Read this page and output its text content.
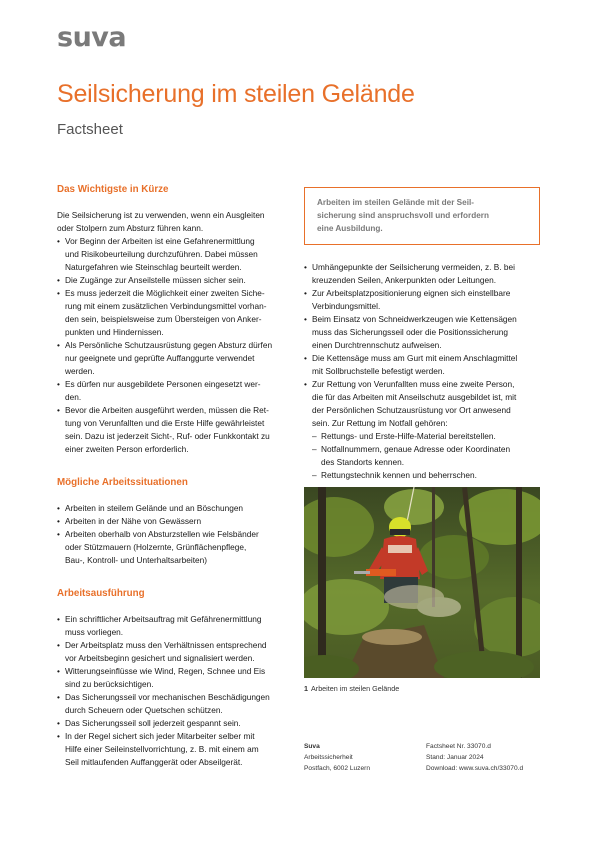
suva
Seilsicherung im steilen Gelände
Factsheet
Das Wichtigste in Kürze

Die Seilsicherung ist zu verwenden, wenn ein Ausgleiten
oder Stolpern zum Absturz führen kann.

• Vor Beginn der Arbeiten ist eine Gefahrenermittlung
und Risikobeurteilung durchzuführen. Dabei müssen
Naturgefahren wie Steinschlag beurteilt werden.
• Die Zugänge zur Anseilstelle müssen sicher sein.
• Es muss jederzeit die Möglichkeit einer zweiten Siche-
rung mit einem zusätzlichen Verbindungsmittel vorhan-
den sein, beispielsweise zum Übersteigen von Anker-
punkten und Hindernissen.
• Als Persönliche Schutzausrüstung gegen Absturz dürfen
nur geeignete und geprüfte Auffanggurte verwendet
werden.
• Es dürfen nur ausgebildete Personen eingesetzt wer-
den.
• Bevor die Arbeiten ausgeführt werden, müssen die Ret-
tung von Verunfallten und die Erste Hilfe gewährleistet
sein. Dazu ist jederzeit Sicht-, Ruf- oder Funkkontakt zu
einer zweiten Person erforderlich.
Mögliche Arbeitssituationen
• Arbeiten in steilem Gelände und an Böschungen
• Arbeiten in der Nähe von Gewässern
• Arbeiten oberhalb von Absturzstellen wie Felsbänder
oder Stützmauern (Holzernte, Grünflächenpflege,
Bau-, Kontroll- und Unterhaltsarbeiten)
Arbeitsausführung
• Ein schriftlicher Arbeitsauftrag mit Gefährenermittlung
muss vorliegen.
• Der Arbeitsplatz muss den Verhältnissen entsprechend
vor Arbeitsbeginn gesichert und signalisiert werden.
• Witterungseinflüsse wie Wind, Regen, Schnee und Eis
sind zu berücksichtigen.
• Das Sicherungsseil vor mechanischen Beschädigungen
durch Scheuern oder Quetschen schützen.
• Das Sicherungsseil soll jederzeit gespannt sein.
• In der Regel sichert sich jeder Mitarbeiter selber mit
Hilfe einer Seileinstellvorrichtung, z. B. mit einem am
Seil mitlaufenden Auffanggerät oder Abseilgerät.
Arbeiten im steilen Gelände mit der Seil-
sicherung sind anspruchsvoll und erfordern
eine Ausbildung.
• Umhängepunkte der Seilsicherung vermeiden, z. B. bei
kreuzenden Seilen, Ankerpunkten oder Leitungen.
• Zur Arbeitsplatzpositionierung eignen sich einstellbare
Verbindungsmittel.
• Beim Einsatz von Schneidwerkzeugen wie Kettensägen
muss das Sicherungsseil oder die Positionssicherung
einen Durchtrennschutz aufweisen.
• Die Kettensäge muss am Gurt mit einem Anschlagmittel
mit Sollbruchstelle befestigt werden.
• Zur Rettung von Verunfallten muss eine zweite Person,
die für das Arbeiten mit Anseilschutz ausgebildet ist, mit
der Persönlichen Schutzausrüstung vor Ort anwesend
sein. Zur Rettung im Notfall gehören:
– Rettungs- und Erste-Hilfe-Material bereitstellen.
– Notfallnummern, genaue Adresse oder Koordinaten
des Standorts kennen.
– Rettungstechnik kennen und beherrschen.
1 Arbeiten im steilen Gelände
Suva
Arbeitssicherheit
Postfach, 6002 Luzern
Factsheet Nr. 33070.d
Stand: Januar 2024
Download: www.suva.ch/33070.d
